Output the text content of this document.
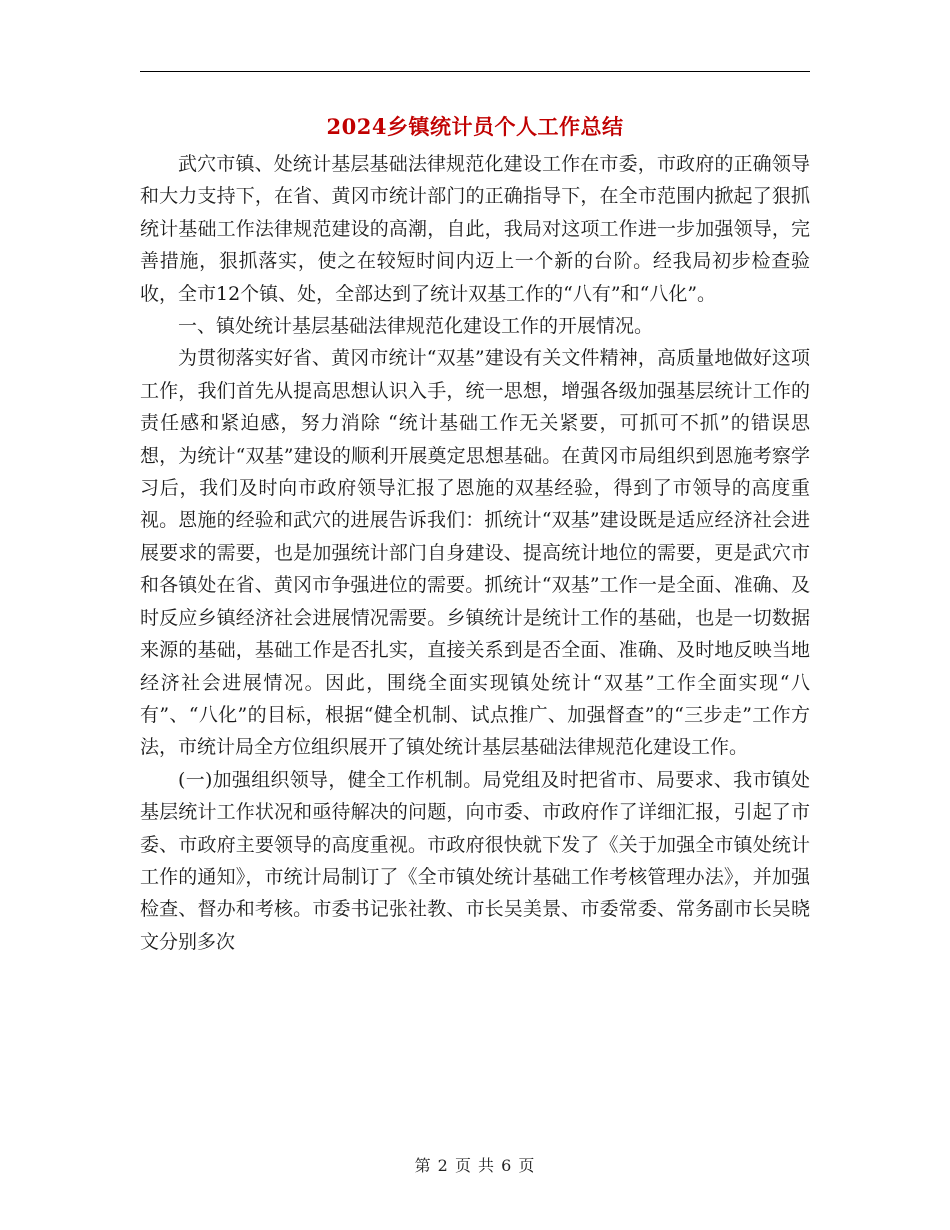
2024乡镇统计员个人工作总结

武穴市镇、处统计基层基础法律规范化建设工作在市委，市政府的正确领导和大力支持下，在省、黄冈市统计部门的正确指导下，在全市范围内掀起了狠抓统计基础工作法律规范建设的高潮，自此，我局对这项工作进一步加强领导，完善措施，狠抓落实，使之在较短时间内迈上一个新的台阶。经我局初步检查验收，全市12个镇、处，全部达到了统计双基工作的“八有”和“八化”。

一、镇处统计基层基础法律规范化建设工作的开展情况。

为贯彻落实好省、黄冈市统计“双基”建设有关文件精神，高质量地做好这项工作，我们首先从提高思想认识入手，统一思想，增强各级加强基层统计工作的责任感和紧迫感，努力消除 “统计基础工作无关紧要，可抓可不抓”的错误思想，为统计“双基”建设的顺利开展奠定思想基础。在黄冈市局组织到恩施考察学习后，我们及时向市政府领导汇报了恩施的双基经验，得到了市领导的高度重视。恩施的经验和武穴的进展告诉我们：抓统计“双基”建设既是适应经济社会进展要求的需要，也是加强统计部门自身建设、提高统计地位的需要，更是武穴市和各镇处在省、黄冈市争强进位的需要。抓统计“双基”工作一是全面、准确、及时反应乡镇经济社会进展情况需要。乡镇统计是统计工作的基础，也是一切数据来源的基础，基础工作是否扎实，直接关系到是否全面、准确、及时地反映当地经济社会进展情况。因此，围绕全面实现镇处统计“双基”工作全面实现“八有”、“八化”的目标，根据“健全机制、试点推广、加强督查”的“三步走”工作方法，市统计局全方位组织展开了镇处统计基层基础法律规范化建设工作。

(一)加强组织领导，健全工作机制。局党组及时把省市、局要求、我市镇处基层统计工作状况和亟待解决的问题，向市委、市政府作了详细汇报，引起了市委、市政府主要领导的高度重视。市政府很快就下发了《关于加强全市镇处统计工作的通知》，市统计局制订了《全市镇处统计基础工作考核管理办法》，并加强检查、督办和考核。市委书记张社教、市长吴美景、市委常委、常务副市长吴晓文分别多次

第 2 页 共 6 页
